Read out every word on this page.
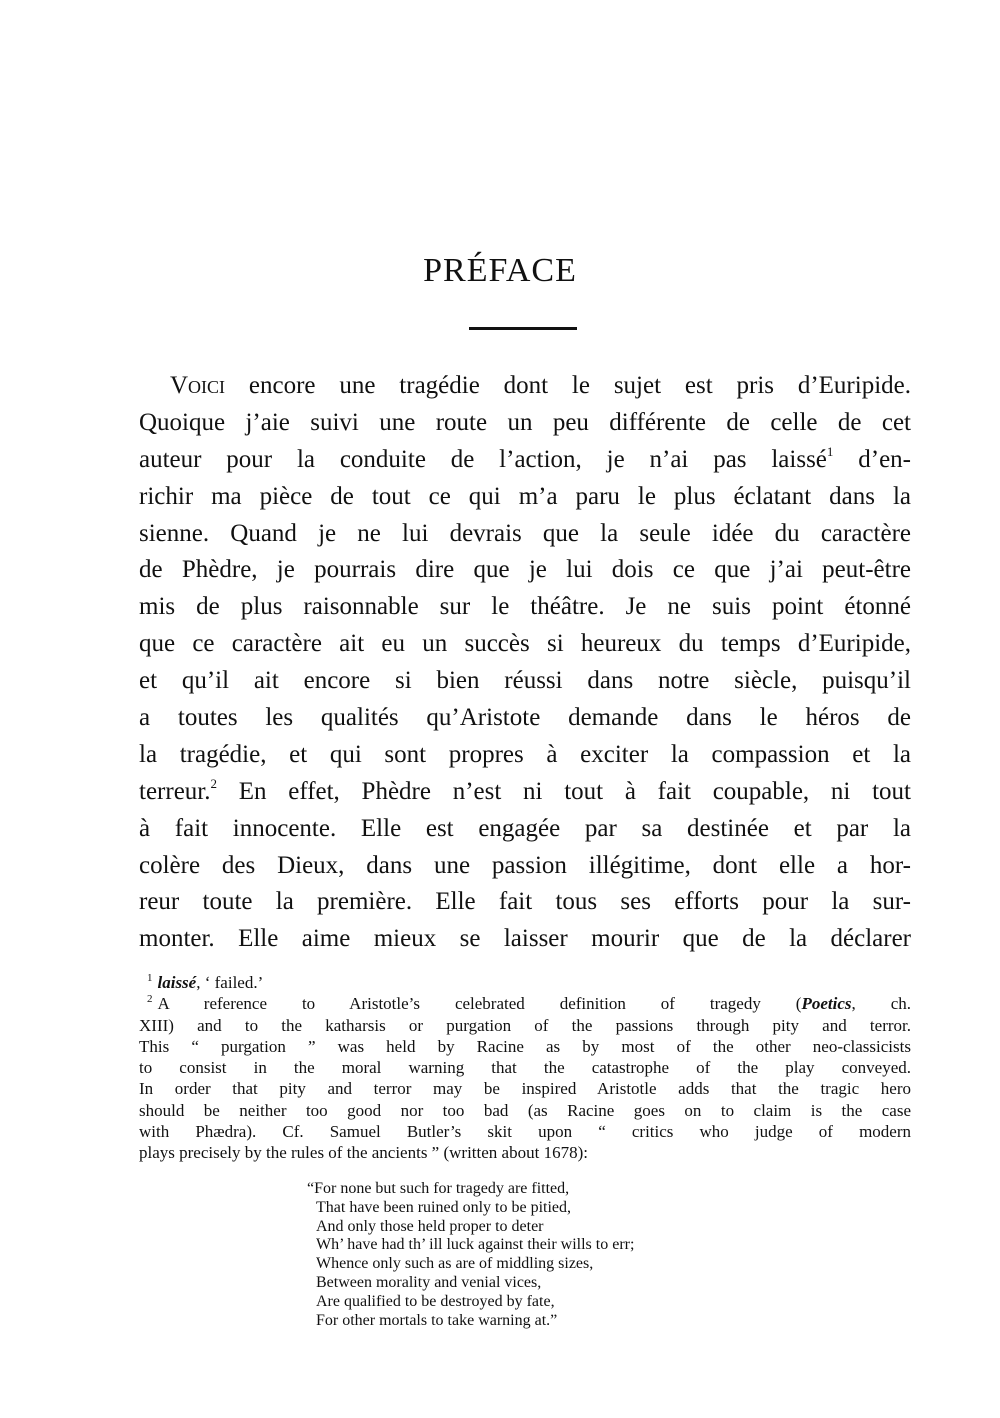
PRÉFACE
Voici encore une tragédie dont le sujet est pris d’Euripide.
Quoique j’aie suivi une route un peu différente de celle de cet
auteur pour la conduite de l’action, je n’ai pas laissé$^1$ d’en-
richir ma pièce de tout ce qui m’a paru le plus éclatant dans la
sienne. Quand je ne lui devrais que la seule idée du caractère
de Phèdre, je pourrais dire que je lui dois ce que j’ai peut-être
mis de plus raisonnable sur le théâtre. Je ne suis point étonné
que ce caractère ait eu un succès si heureux du temps d’Euripide,
et qu’il ait encore si bien réussi dans notre siècle, puisqu’il
a toutes les qualités qu’Aristote demande dans le héros de
la tragédie, et qui sont propres à exciter la compassion et la
terreur.$^2$ En effet, Phèdre n’est ni tout à fait coupable, ni tout
à fait innocente. Elle est engagée par sa destinée et par la
colère des Dieux, dans une passion illégitime, dont elle a hor-
reur toute la première. Elle fait tous ses efforts pour la sur-
monter. Elle aime mieux se laisser mourir que de la déclarer
$^1$ laissé, ‘ failed.’
$^2$ A reference to Aristotle’s celebrated definition of tragedy (Poetics, ch.
XIII) and to the katharsis or purgation of the passions through pity and terror.
This “ purgation ” was held by Racine as by most of the other neo-classicists
to consist in the moral warning that the catastrophe of the play conveyed.
In order that pity and terror may be inspired Aristotle adds that the tragic hero
should be neither too good nor too bad (as Racine goes on to claim is the case
with Phædra). Cf. Samuel Butler’s skit upon “ critics who judge of modern
plays precisely by the rules of the ancients ” (written about 1678):
“For none but such for tragedy are fitted,
That have been ruined only to be pitied,
And only those held proper to deter
Wh’ have had th’ ill luck against their wills to err;
Whence only such as are of middling sizes,
Between morality and venial vices,
Are qualified to be destroyed by fate,
For other mortals to take warning at.”
